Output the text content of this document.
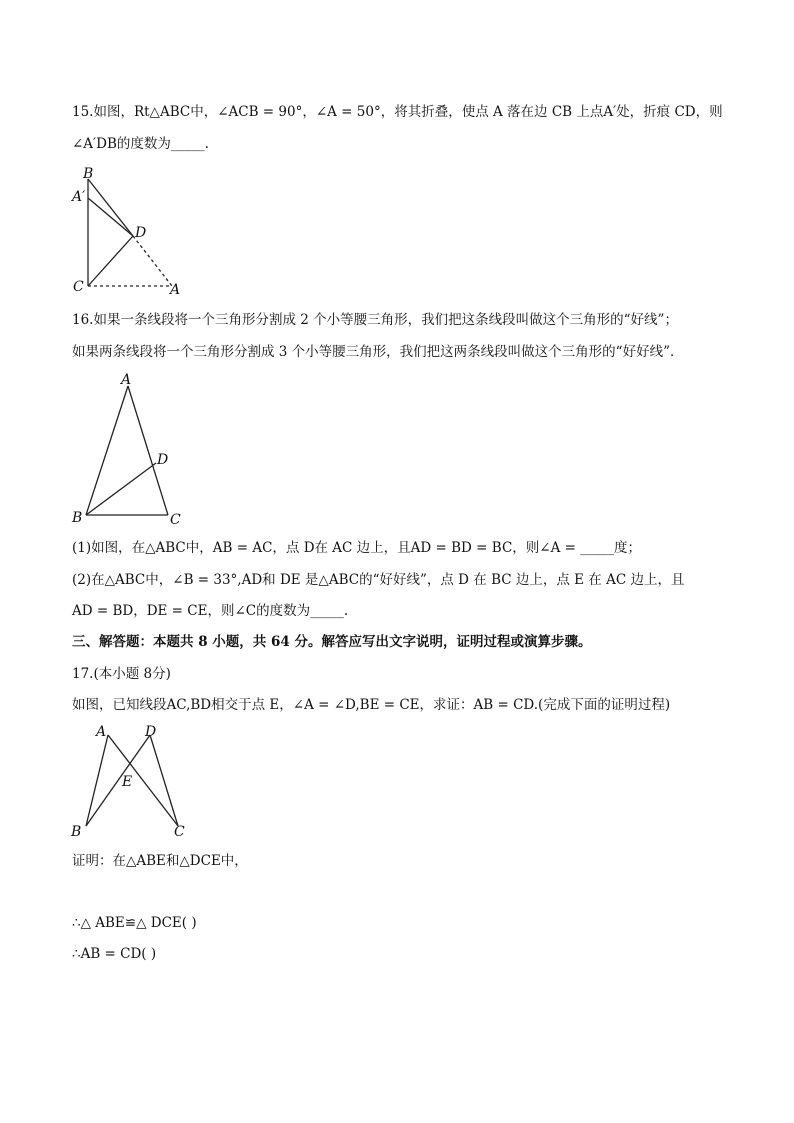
15.如图，Rt△ABC中，∠ACB = 90°，∠A = 50°，将其折叠，使点 A 落在边 CB 上点A′处，折痕 CD，则
∠A′DB的度数为_____.
B
A′
D
C	A
16.如果一条线段将一个三角形分割成 2 个小等腰三角形，我们把这条线段叫做这个三角形的“好线”；
如果两条线段将一个三角形分割成 3 个小等腰三角形，我们把这两条线段叫做这个三角形的“好好线”．
A
D
B	C
(1)如图，在△ABC中，AB = AC，点 D在 AC 边上，且AD = BD = BC，则∠A = _____度；
(2)在△ABC中，∠B = 33°,AD和 DE 是△ABC的“好好线”，点 D 在 BC 边上，点 E 在 AC 边上，且
AD = BD，DE = CE，则∠C的度数为_____.
三、解答题：本题共 8 小题，共 64 分。解答应写出文字说明，证明过程或演算步骤。
17.(本小题 8分)
如图，已知线段AC,BD相交于点 E，∠A = ∠D,BE = CE，求证：AB = CD.(完成下面的证明过程)
A	D
E
B	C
证明：在△ABE和△DCE中，
∴△ ABE≌△ DCE( )
∴AB = CD( )
